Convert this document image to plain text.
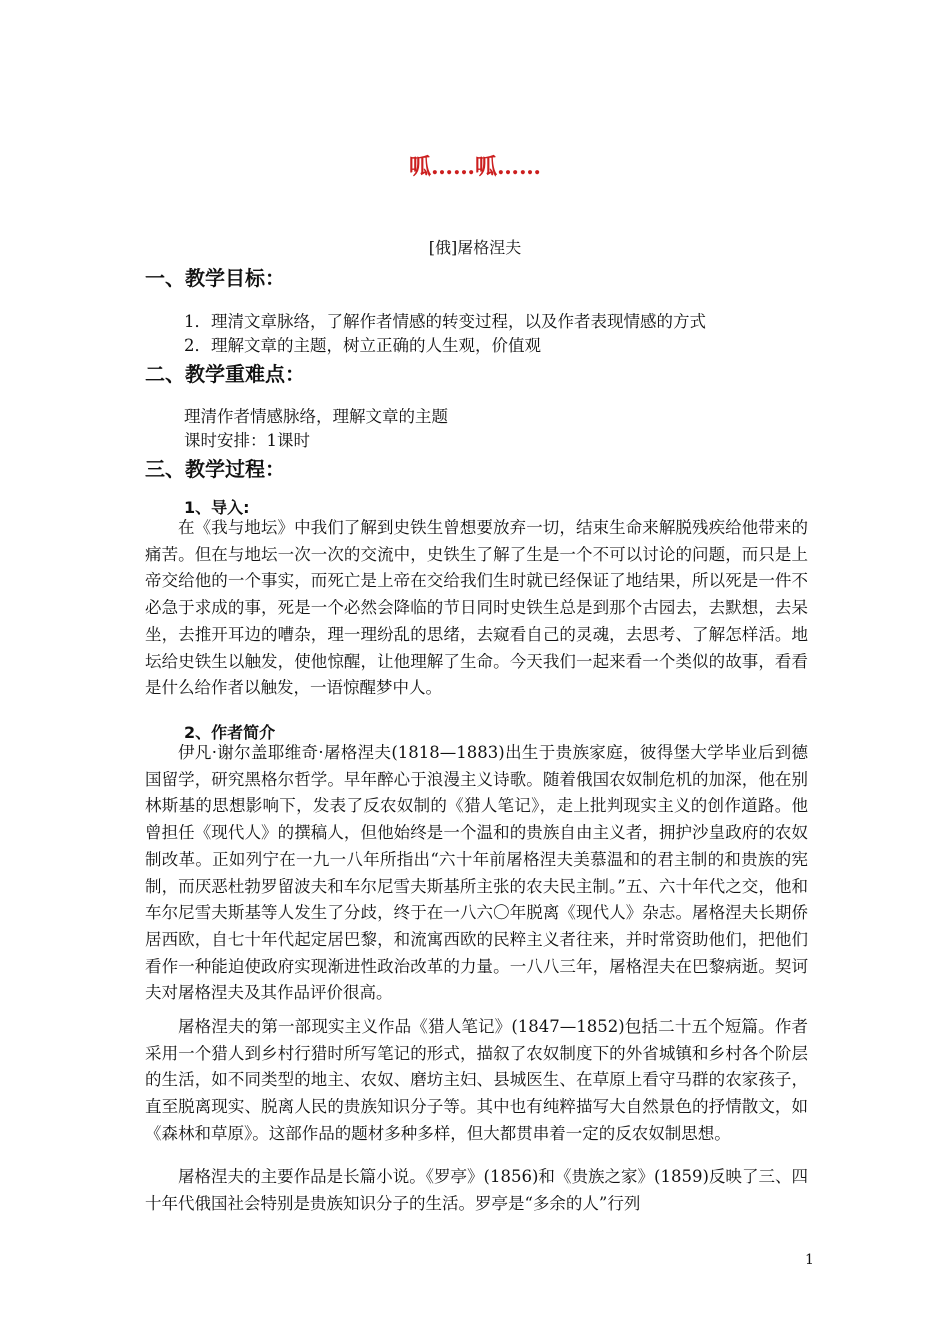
呱……呱……
[俄]屠格涅夫
一、教学目标：
1．理清文章脉络，了解作者情感的转变过程，以及作者表现情感的方式
2．理解文章的主题，树立正确的人生观，价值观
二、教学重难点：
理清作者情感脉络，理解文章的主题
课时安排：1课时
三、教学过程：
1、导入:
在《我与地坛》中我们了解到史铁生曾想要放弃一切，结束生命来解脱残疾给他带来的痛苦。但在与地坛一次一次的交流中，史铁生了解了生是一个不可以讨论的问题，而只是上帝交给他的一个事实，而死亡是上帝在交给我们生时就已经保证了地结果，所以死是一件不必急于求成的事，死是一个必然会降临的节日同时史铁生总是到那个古园去，去默想，去呆坐，去推开耳边的嘈杂，理一理纷乱的思绪，去窥看自己的灵魂，去思考、了解怎样活。地坛给史铁生以触发，使他惊醒，让他理解了生命。今天我们一起来看一个类似的故事，看看是什么给作者以触发，一语惊醒梦中人。
2、作者简介
伊凡·谢尔盖耶维奇·屠格涅夫(1818—1883)出生于贵族家庭，彼得堡大学毕业后到德国留学，研究黑格尔哲学。早年醉心于浪漫主义诗歌。随着俄国农奴制危机的加深，他在别林斯基的思想影响下，发表了反农奴制的《猎人笔记》，走上批判现实主义的创作道路。他曾担任《现代人》的撰稿人，但他始终是一个温和的贵族自由主义者，拥护沙皇政府的农奴制改革。正如列宁在一九一八年所指出“六十年前屠格涅夫美慕温和的君主制的和贵族的宪制，而厌恶杜勃罗留波夫和车尔尼雪夫斯基所主张的农夫民主制。”五、六十年代之交，他和车尔尼雪夫斯基等人发生了分歧，终于在一八六〇年脱离《现代人》杂志。屠格涅夫长期侨居西欧，自七十年代起定居巴黎，和流寓西欧的民粹主义者往来，并时常资助他们，把他们看作一种能迫使政府实现渐进性政治改革的力量。一八八三年，屠格涅夫在巴黎病逝。契诃夫对屠格涅夫及其作品评价很高。
屠格涅夫的第一部现实主义作品《猎人笔记》(1847—1852)包括二十五个短篇。作者采用一个猎人到乡村行猎时所写笔记的形式，描叙了农奴制度下的外省城镇和乡村各个阶层的生活，如不同类型的地主、农奴、磨坊主妇、县城医生、在草原上看守马群的农家孩子，直至脱离现实、脱离人民的贵族知识分子等。其中也有纯粹描写大自然景色的抒情散文，如《森林和草原》。这部作品的题材多种多样，但大都贯串着一定的反农奴制思想。
屠格涅夫的主要作品是长篇小说。《罗亭》(1856)和《贵族之家》(1859)反映了三、四十年代俄国社会特别是贵族知识分子的生活。罗亭是“多余的人”行列
1
